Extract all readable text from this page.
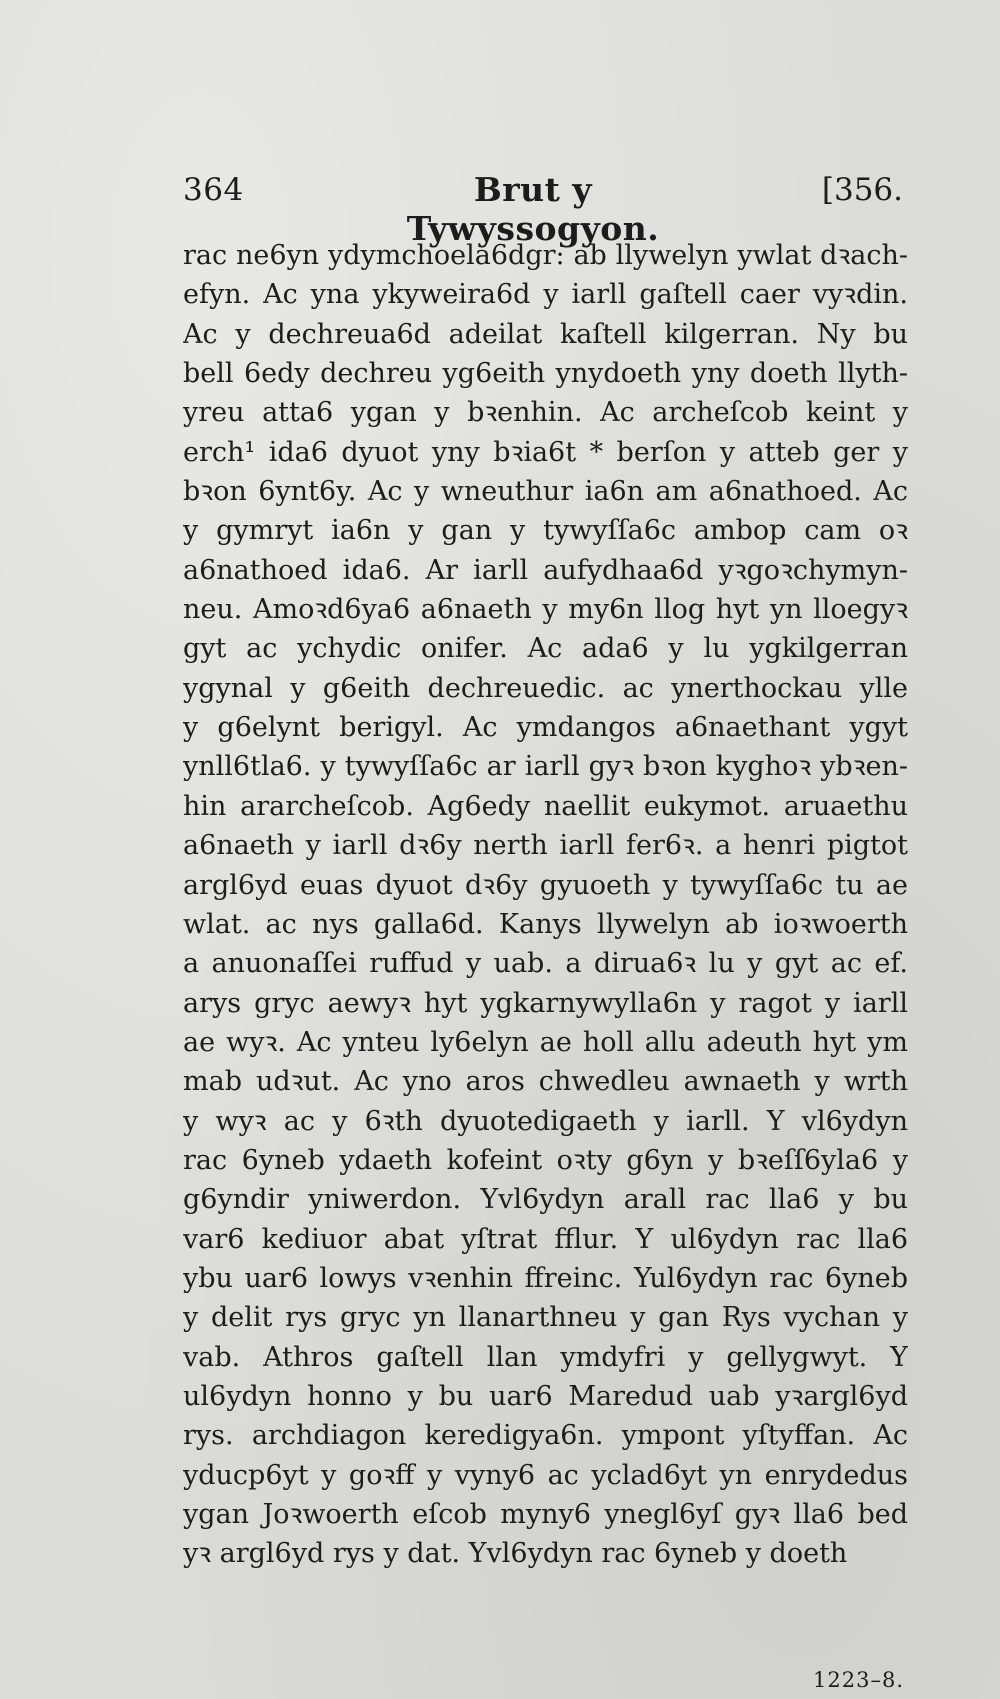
364	Brut y Tywyssogyon.
[356.
rac ne6yn ydymchoela6dgr: ab llywelyn ywlat dꝛach-
efyn. Ac yna ykyweira6d y iarll gaſtell caer vyꝛdin.
Ac y dechreua6d adeilat kaſtell kilgerran. Ny bu
bell 6edy dechreu yg6eith ynydoeth yny doeth llyth-
yreu atta6 ygan y bꝛenhin. Ac archeſcob keint y
erch¹ ida6 dyuot yny bꝛia6t * berſon y atteb ger y
bꝛon 6ynt6y. Ac y wneuthur ia6n am a6nathoed. Ac
y gymryt ia6n y gan y tywyſſa6c ambop cam oꝛ
a6nathoed ida6. Ar iarll aufydhaa6d yꝛgoꝛchymyn-
neu. Amoꝛd6ya6 a6naeth y my6n llog hyt yn lloegyꝛ
gyt ac ychydic onifer. Ac ada6 y lu ygkilgerran
ygynal y g6eith dechreuedic. ac ynerthockau ylle
y g6elynt berigyl. Ac ymdangos a6naethant ygyt
ynll6tla6. y tywyſſa6c ar iarll gyꝛ bꝛon kyghoꝛ ybꝛen-
hin ararcheſcob. Ag6edy naellit eukymot. aruaethu
a6naeth y iarll dꝛ6y nerth iarll fer6ꝛ. a henri pigtot
argl6yd euas dyuot dꝛ6y gyuoeth y tywyſſa6c tu ae
wlat. ac nys galla6d. Kanys llywelyn ab ioꝛwoerth
a anuonaſſei ruffud y uab. a dirua6ꝛ lu y gyt ac ef.
arys gryc aewyꝛ hyt ygkarnywylla6n y ragot y iarll
ae wyꝛ. Ac ynteu ly6elyn ae holl allu adeuth hyt ym
mab udꝛut. Ac yno aros chwedleu awnaeth y wrth
y wyꝛ ac y 6ꝛth dyuotedigaeth y iarll. Y vl6ydyn
rac 6yneb ydaeth kofeint oꝛty g6yn y bꝛeſſ6yla6 y
g6yndir yniwerdon. Yvl6ydyn arall rac lla6 y bu
var6 kediuor abat yſtrat fflur. Y ul6ydyn rac lla6
ybu uar6 lowys vꝛenhin ffreinc. Yul6ydyn rac 6yneb
y delit rys gryc yn llanarthneu y gan Rys vychan y
vab. Athros gaſtell llan ymdyfri y gellygwyt. Y
ul6ydyn honno y bu uar6 Maredud uab yꝛargl6yd
rys. archdiagon keredigya6n. ympont yſtyffan. Ac
yducp6yt y goꝛff y vyny6 ac yclad6yt yn enrydedus
ygan Joꝛwoerth eſcob myny6 ynegl6yſ gyꝛ lla6 bed
yꝛ argl6yd rys y dat. Yvl6ydyn rac 6yneb y doeth
1223–8.
